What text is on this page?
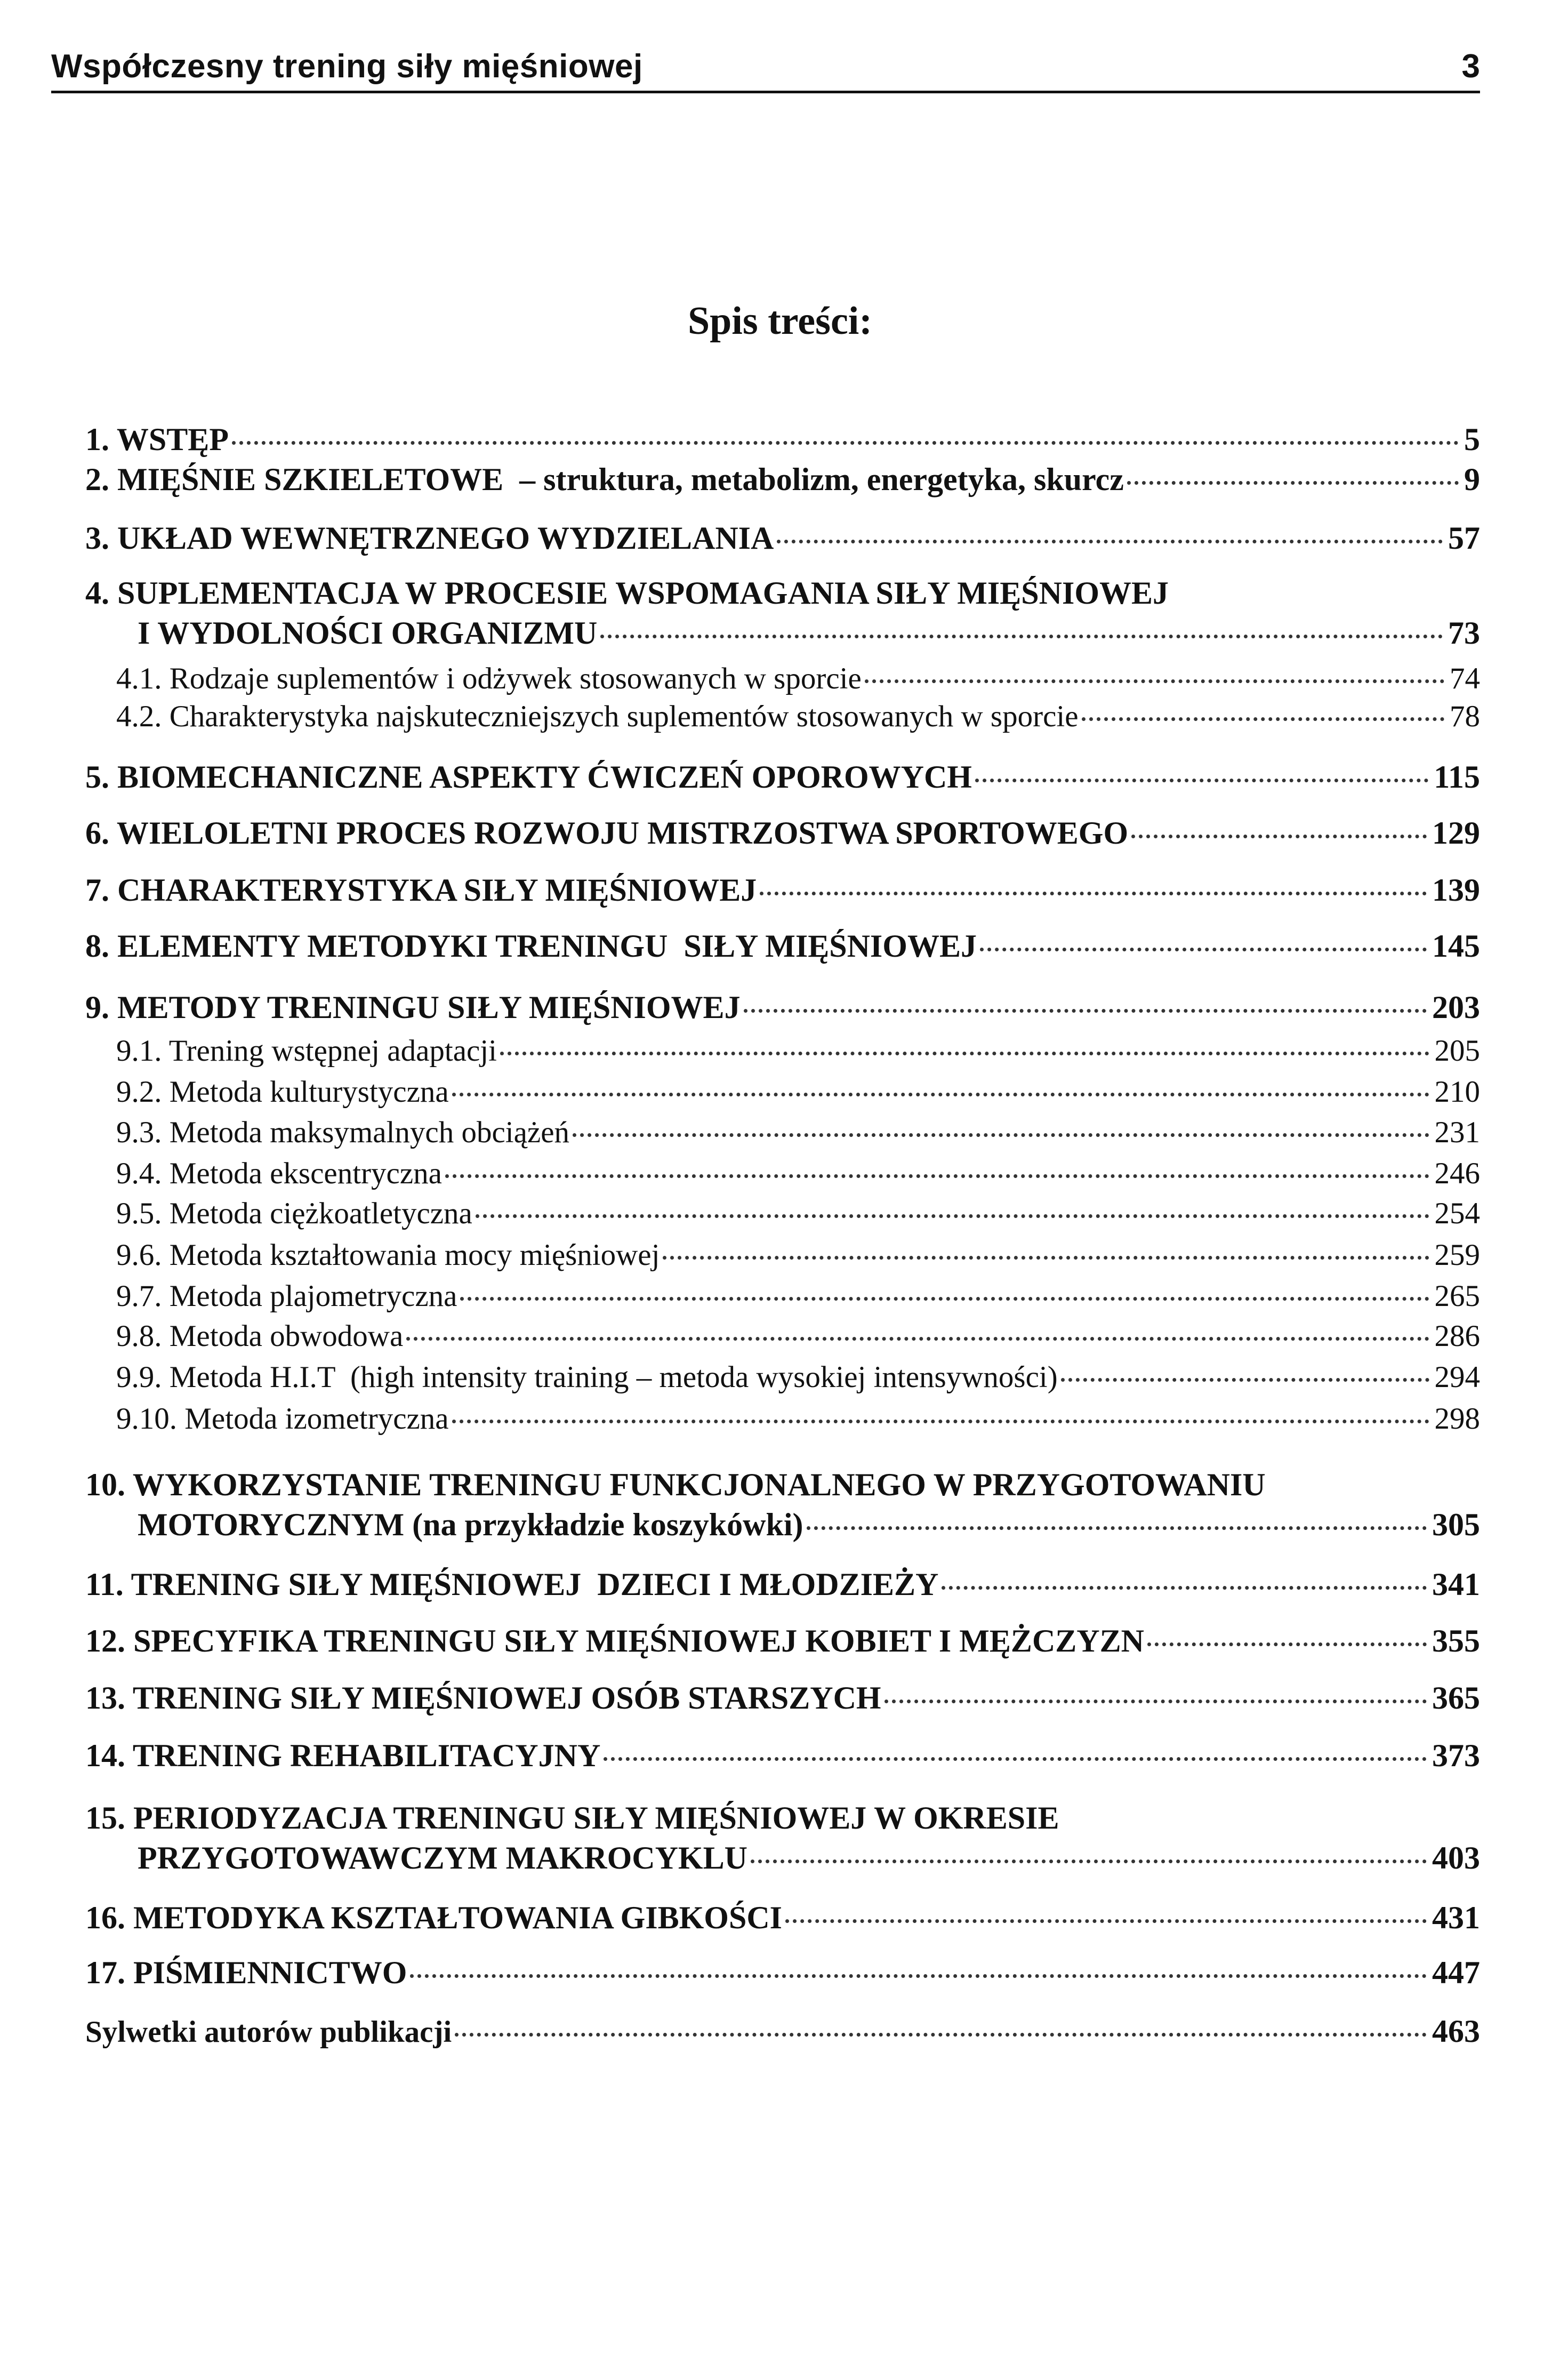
Współczesny trening siły mięśniowej	3
Spis treści:
1. WSTĘP	5
2. MIĘŚNIE SZKIELETOWE  – struktura, metabolizm, energetyka, skurcz	9
3. UKŁAD WEWNĘTRZNEGO WYDZIELANIA	57
4. SUPLEMENTACJA W PROCESIE WSPOMAGANIA SIŁY MIĘŚNIOWEJ
I WYDOLNOŚCI ORGANIZMU	73
4.1. Rodzaje suplementów i odżywek stosowanych w sporcie	74
4.2. Charakterystyka najskuteczniejszych suplementów stosowanych w sporcie	78
5. BIOMECHANICZNE ASPEKTY ĆWICZEŃ OPOROWYCH	115
6. WIELOLETNI PROCES ROZWOJU MISTRZOSTWA SPORTOWEGO	129
7. CHARAKTERYSTYKA SIŁY MIĘŚNIOWEJ	139
8. ELEMENTY METODYKI TRENINGU  SIŁY MIĘŚNIOWEJ	145
9. METODY TRENINGU SIŁY MIĘŚNIOWEJ	203
9.1. Trening wstępnej adaptacji	205
9.2. Metoda kulturystyczna	210
9.3. Metoda maksymalnych obciążeń	231
9.4. Metoda ekscentryczna	246
9.5. Metoda ciężkoatletyczna	254
9.6. Metoda kształtowania mocy mięśniowej	259
9.7. Metoda plajometryczna	265
9.8. Metoda obwodowa	286
9.9. Metoda H.I.T  (high intensity training – metoda wysokiej intensywności)	294
9.10. Metoda izometryczna	298
10. WYKORZYSTANIE TRENINGU FUNKCJONALNEGO W PRZYGOTOWANIU
MOTORYCZNYM (na przykładzie koszykówki)	305
11. TRENING SIŁY MIĘŚNIOWEJ  DZIECI I MŁODZIEŻY	341
12. SPECYFIKA TRENINGU SIŁY MIĘŚNIOWEJ KOBIET I MĘŻCZYZN	355
13. TRENING SIŁY MIĘŚNIOWEJ OSÓB STARSZYCH	365
14. TRENING REHABILITACYJNY	373
15. PERIODYZACJA TRENINGU SIŁY MIĘŚNIOWEJ W OKRESIE
PRZYGOTOWAWCZYM MAKROCYKLU	403
16. METODYKA KSZTAŁTOWANIA GIBKOŚCI	431
17. PIŚMIENNICTWO	447
Sylwetki autorów publikacji	463
